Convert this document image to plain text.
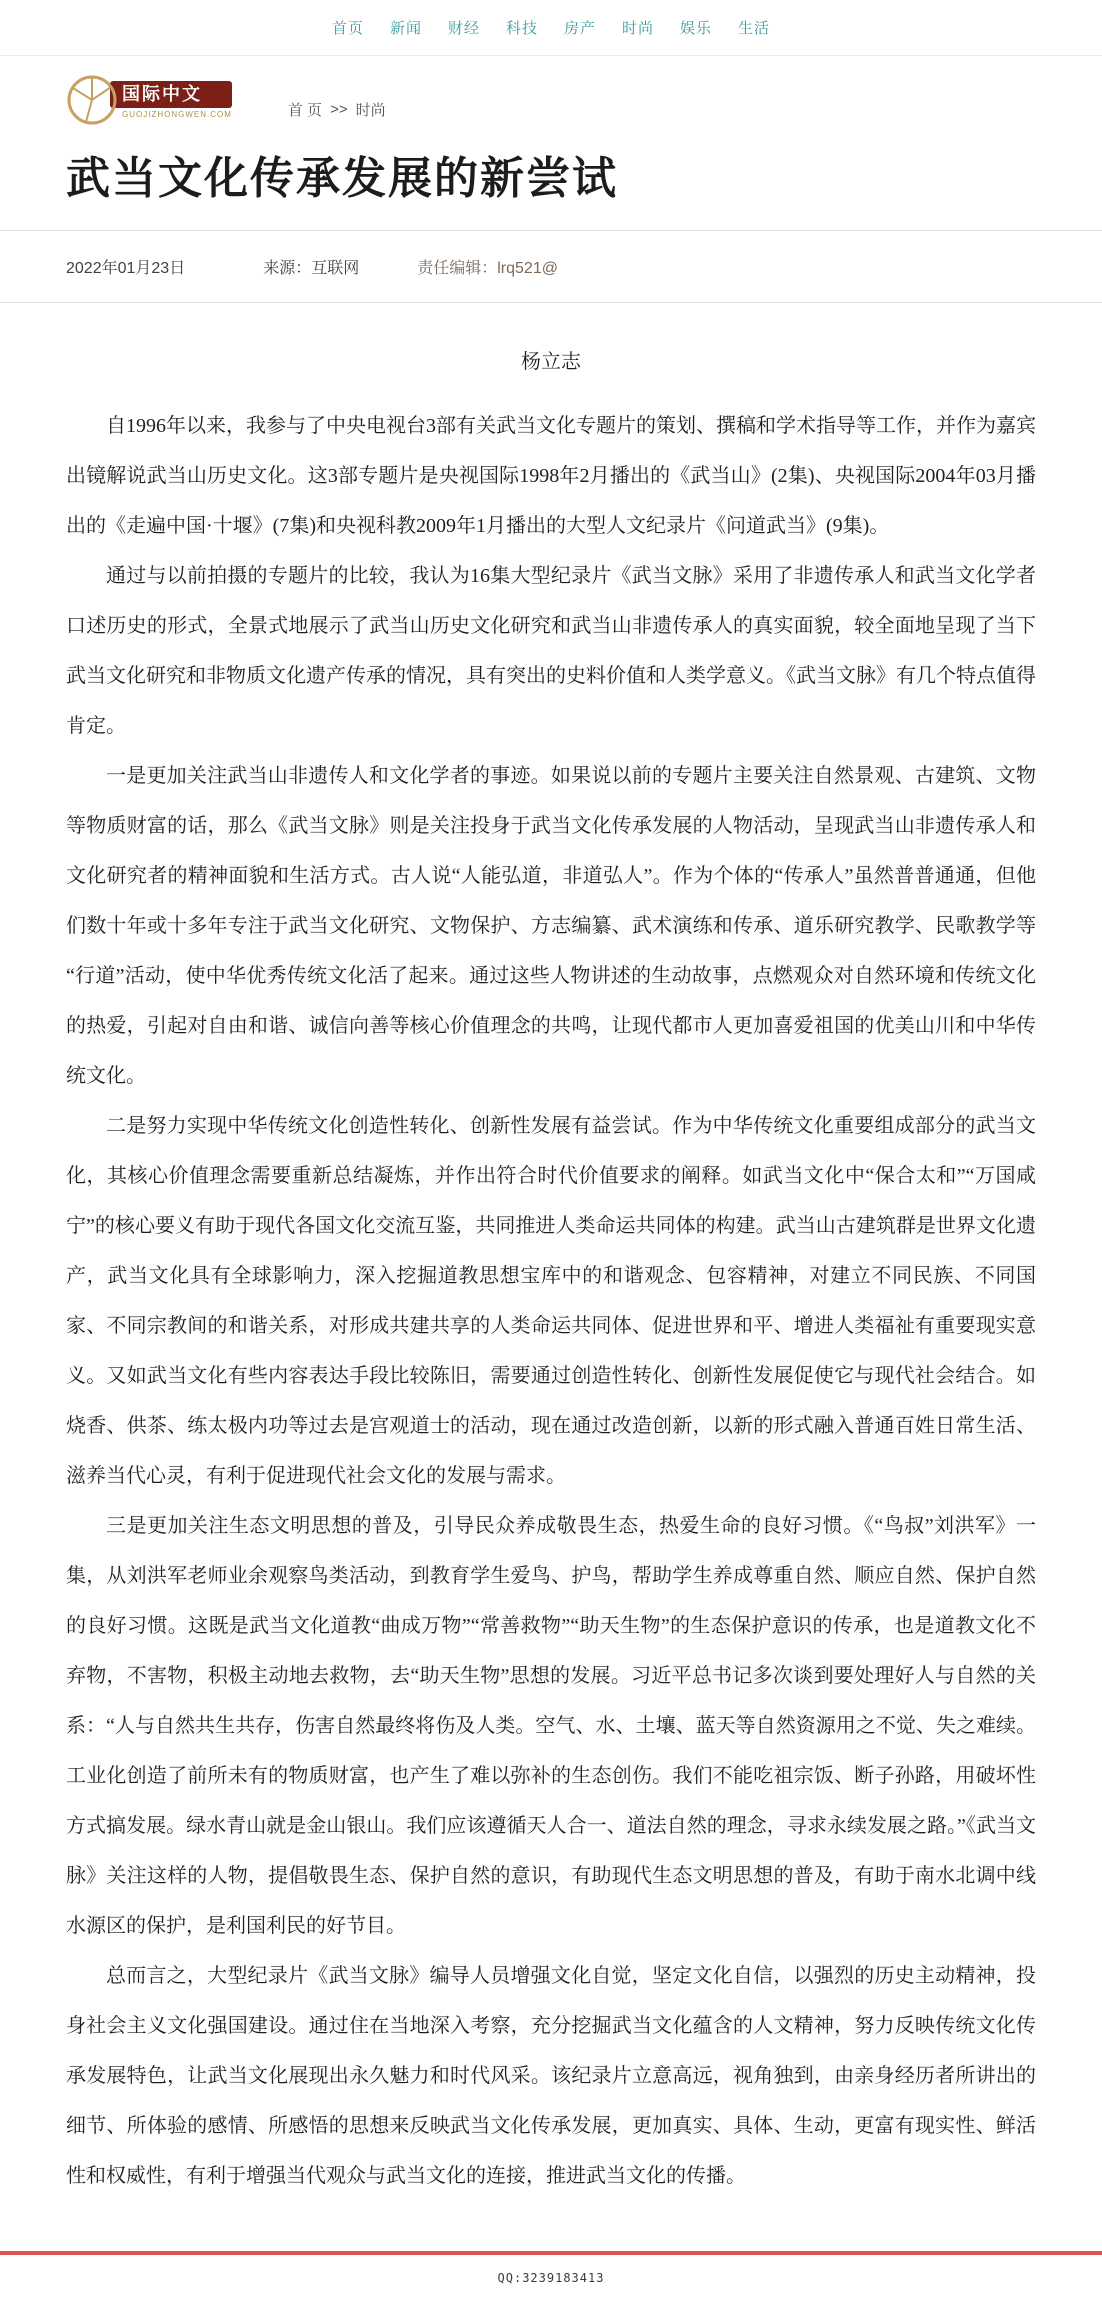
首页 新闻 财经 科技 房产 时尚 娱乐 生活
国际中文
GUOJIZHONGWEN.COM	首 页 >> 时尚
武当文化传承发展的新尝试
2022年01月23日	来源：互联网	责任编辑：lrq521@
杨立志

自1996年以来，我参与了中央电视台3部有关武当文化专题片的策划、撰稿和学术指导等工作，并作为嘉宾出镜解说武当山历史文化。这3部专题片是央视国际1998年2月播出的《武当山》(2集)、央视国际2004年03月播出的《走遍中国·十堰》(7集)和央视科教2009年1月播出的大型人文纪录片《问道武当》(9集)。

通过与以前拍摄的专题片的比较，我认为16集大型纪录片《武当文脉》采用了非遗传承人和武当文化学者口述历史的形式，全景式地展示了武当山历史文化研究和武当山非遗传承人的真实面貌，较全面地呈现了当下武当文化研究和非物质文化遗产传承的情况，具有突出的史料价值和人类学意义。《武当文脉》有几个特点值得肯定。

一是更加关注武当山非遗传人和文化学者的事迹。如果说以前的专题片主要关注自然景观、古建筑、文物等物质财富的话，那么《武当文脉》则是关注投身于武当文化传承发展的人物活动，呈现武当山非遗传承人和文化研究者的精神面貌和生活方式。古人说“人能弘道，非道弘人”。作为个体的“传承人”虽然普普通通，但他们数十年或十多年专注于武当文化研究、文物保护、方志编纂、武术演练和传承、道乐研究教学、民歌教学等“行道”活动，使中华优秀传统文化活了起来。通过这些人物讲述的生动故事，点燃观众对自然环境和传统文化的热爱，引起对自由和谐、诚信向善等核心价值理念的共鸣，让现代都市人更加喜爱祖国的优美山川和中华传统文化。

二是努力实现中华传统文化创造性转化、创新性发展有益尝试。作为中华传统文化重要组成部分的武当文化，其核心价值理念需要重新总结凝炼，并作出符合时代价值要求的阐释。如武当文化中“保合太和”“万国咸宁”的核心要义有助于现代各国文化交流互鉴，共同推进人类命运共同体的构建。武当山古建筑群是世界文化遗产，武当文化具有全球影响力，深入挖掘道教思想宝库中的和谐观念、包容精神，对建立不同民族、不同国家、不同宗教间的和谐关系，对形成共建共享的人类命运共同体、促进世界和平、增进人类福祉有重要现实意义。又如武当文化有些内容表达手段比较陈旧，需要通过创造性转化、创新性发展促使它与现代社会结合。如烧香、供茶、练太极内功等过去是宫观道士的活动，现在通过改造创新，以新的形式融入普通百姓日常生活、滋养当代心灵，有利于促进现代社会文化的发展与需求。

三是更加关注生态文明思想的普及，引导民众养成敬畏生态，热爱生命的良好习惯。《“鸟叔”刘洪军》一集，从刘洪军老师业余观察鸟类活动，到教育学生爱鸟、护鸟，帮助学生养成尊重自然、顺应自然、保护自然的良好习惯。这既是武当文化道教“曲成万物”“常善救物”“助天生物”的生态保护意识的传承，也是道教文化不弃物，不害物，积极主动地去救物，去“助天生物”思想的发展。习近平总书记多次谈到要处理好人与自然的关系：“人与自然共生共存，伤害自然最终将伤及人类。空气、水、土壤、蓝天等自然资源用之不觉、失之难续。工业化创造了前所未有的物质财富，也产生了难以弥补的生态创伤。我们不能吃祖宗饭、断子孙路，用破坏性方式搞发展。绿水青山就是金山银山。我们应该遵循天人合一、道法自然的理念，寻求永续发展之路。”《武当文脉》关注这样的人物，提倡敬畏生态、保护自然的意识，有助现代生态文明思想的普及，有助于南水北调中线水源区的保护，是利国利民的好节目。

总而言之，大型纪录片《武当文脉》编导人员增强文化自觉，坚定文化自信，以强烈的历史主动精神，投身社会主义文化强国建设。通过住在当地深入考察，充分挖掘武当文化蕴含的人文精神，努力反映传统文化传承发展特色，让武当文化展现出永久魅力和时代风采。该纪录片立意高远，视角独到，由亲身经历者所讲出的细节、所体验的感情、所感悟的思想来反映武当文化传承发展，更加真实、具体、生动，更富有现实性、鲜活性和权威性，有利于增强当代观众与武当文化的连接，推进武当文化的传播。

QQ:3239183413
